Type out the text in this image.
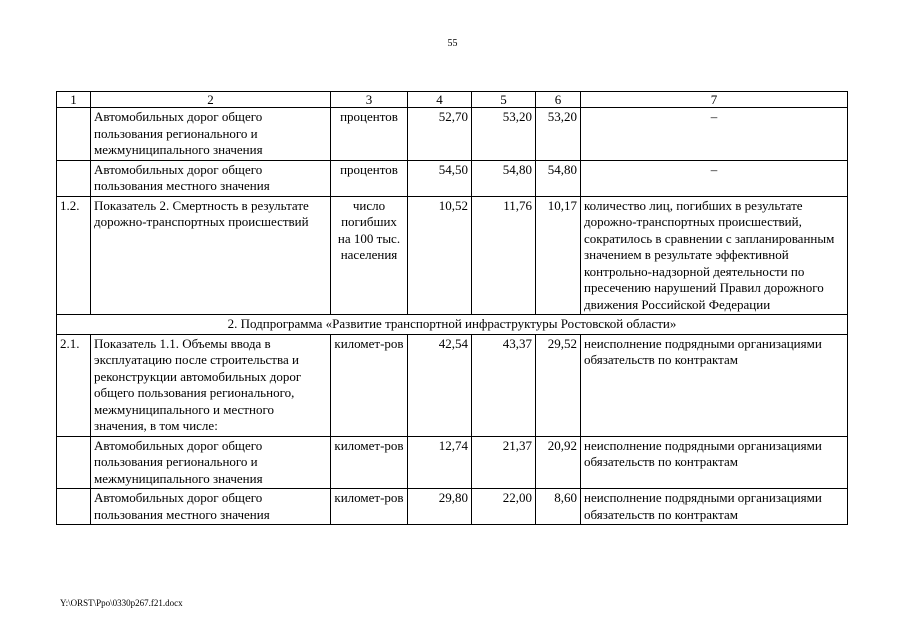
55
1	2	3	4	5	6	7
	Автомобильных дорог общего пользования регионального и межмуниципального значения	процентов	52,70	53,20	53,20	–
	Автомобильных дорог общего пользования местного значения	процентов	54,50	54,80	54,80	–
1.2.	Показатель 2. Смертность в результате дорожно-транспортных происшествий	число погибших на 100 тыс. населения	10,52	11,76	10,17	количество лиц, погибших в результате дорожно-транспортных происшествий, сократилось в сравнении с запланированным значением в результате эффективной контрольно-надзорной деятельности по пресечению нарушений Правил дорожного движения Российской Федерации
2. Подпрограмма «Развитие транспортной инфраструктуры Ростовской области»						
2.1.	Показатель 1.1. Объемы ввода в эксплуатацию после строительства и реконструкции автомобильных дорог общего пользования регионального, межмуниципального и местного значения, в том числе:	километ-ров	42,54	43,37	29,52	неисполнение подрядными организациями обязательств по контрактам
	Автомобильных дорог общего пользования регионального и межмуниципального значения	километ-ров	12,74	21,37	20,92	неисполнение подрядными организациями обязательств по контрактам
	Автомобильных дорог общего пользования местного значения	километ-ров	29,80	22,00	8,60	неисполнение подрядными организациями обязательств по контрактам
Y:\ORST\Ppo\0330p267.f21.docx
